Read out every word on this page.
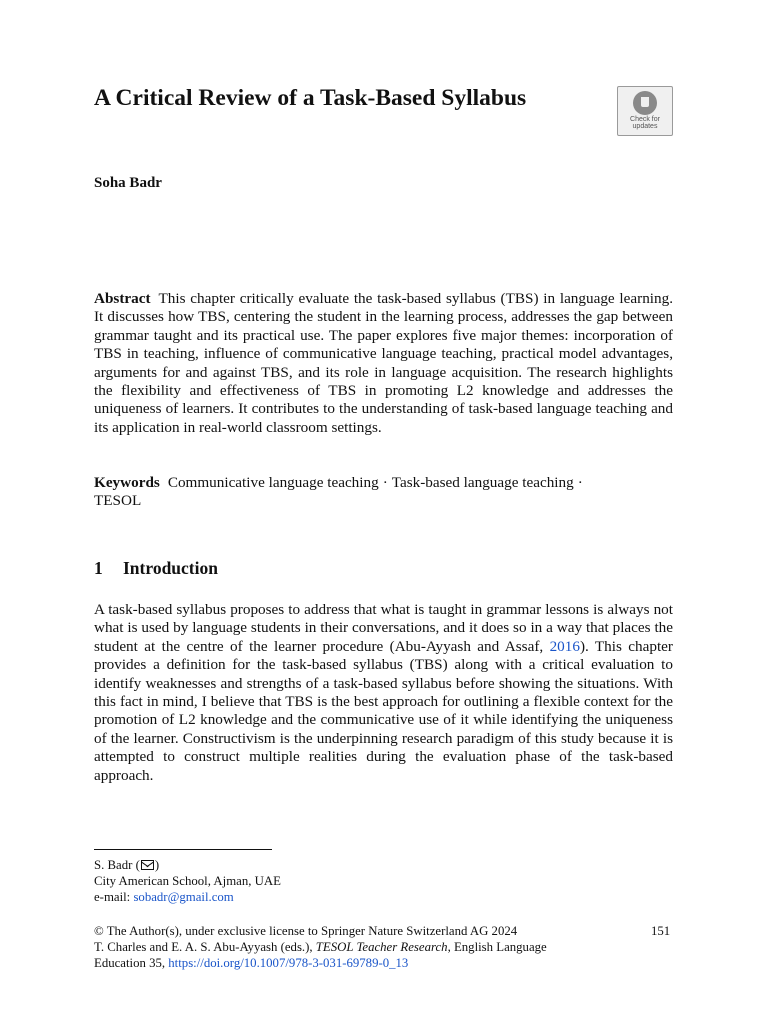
A Critical Review of a Task-Based Syllabus
Check for
updates
Soha Badr

Abstract This chapter critically evaluate the task-based syllabus (TBS) in language learning. It discusses how TBS, centering the student in the learning process, addresses the gap between grammar taught and its practical use. The paper explores five major themes: incorporation of TBS in teaching, influence of communicative language teaching, practical model advantages, arguments for and against TBS, and its role in language acquisition. The research highlights the flexibility and effectiveness of TBS in promoting L2 knowledge and addresses the uniqueness of learners. It contributes to the understanding of task-based language teaching and its application in real-world classroom settings.

Keywords Communicative language teaching · Task-based language teaching ·
TESOL

1 Introduction

A task-based syllabus proposes to address that what is taught in grammar lessons is always not what is used by language students in their conversations, and it does so in a way that places the student at the centre of the learner procedure (Abu-Ayyash and Assaf, 2016). This chapter provides a definition for the task-based syllabus (TBS) along with a critical evaluation to identify weaknesses and strengths of a task-based syllabus before showing the situations. With this fact in mind, I believe that TBS is the best approach for outlining a flexible context for the promotion of L2 knowledge and the communicative use of it while identifying the uniqueness of the learner. Constructivism is the underpinning research paradigm of this study because it is attempted to construct multiple realities during the evaluation phase of the task-based approach.

S. Badr ( )

City American School, Ajman, UAE

e-mail: sobadr@gmail.com

© The Author(s), under exclusive license to Springer Nature Switzerland AG 2024	151

T. Charles and E. A. S. Abu-Ayyash (eds.), TESOL Teacher Research, English Language

Education 35, https://doi.org/10.1007/978-3-031-69789-0_13
